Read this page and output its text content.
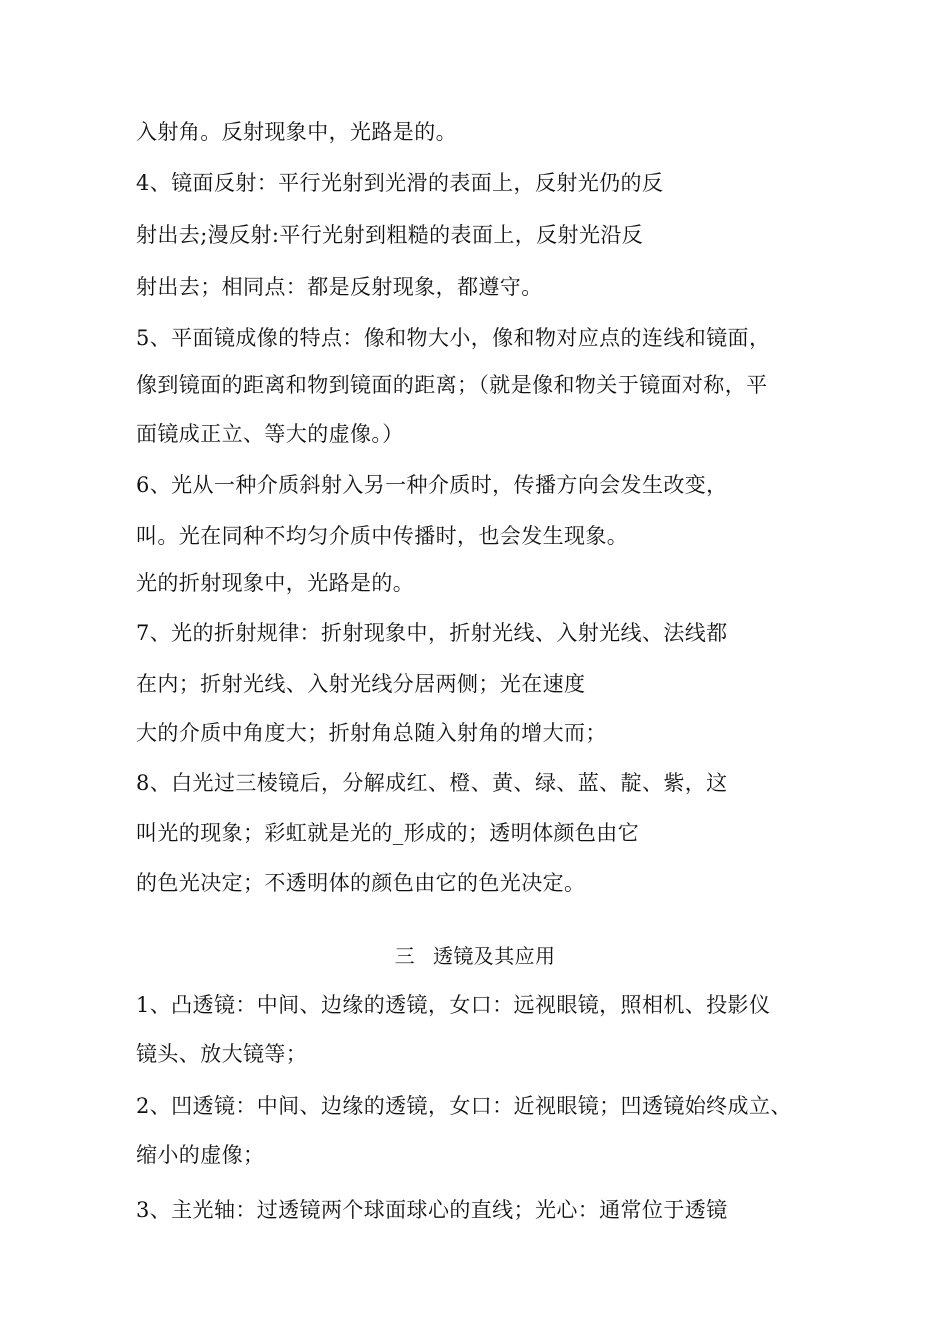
入射角。反射现象中，光路是的。
4、镜面反射：平行光射到光滑的表面上，反射光仍的反
射出去;漫反射:平行光射到粗糙的表面上，反射光沿反
射出去；相同点：都是反射现象，都遵守。
5、平面镜成像的特点：像和物大小，像和物对应点的连线和镜面，
像到镜面的距离和物到镜面的距离；（就是像和物关于镜面对称，平
面镜成正立、等大的虚像。）
6、光从一种介质斜射入另一种介质时，传播方向会发生改变，
叫。光在同种不均匀介质中传播时，也会发生现象。
光的折射现象中，光路是的。
7、光的折射规律：折射现象中，折射光线、入射光线、法线都
在内；折射光线、入射光线分居两侧；光在速度
大的介质中角度大；折射角总随入射角的增大而；
8、白光过三棱镜后，分解成红、橙、黄、绿、蓝、靛、紫，这
叫光的现象；彩虹就是光的_形成的；透明体颜色由它
的色光决定；不透明体的颜色由它的色光决定。
三 透镜及其应用
1、凸透镜：中间、边缘的透镜，女口：远视眼镜，照相机、投影仪
镜头、放大镜等；
2、凹透镜：中间、边缘的透镜，女口：近视眼镜；凹透镜始终成立、
缩小的虚像；
3、主光轴：过透镜两个球面球心的直线；光心：通常位于透镜
